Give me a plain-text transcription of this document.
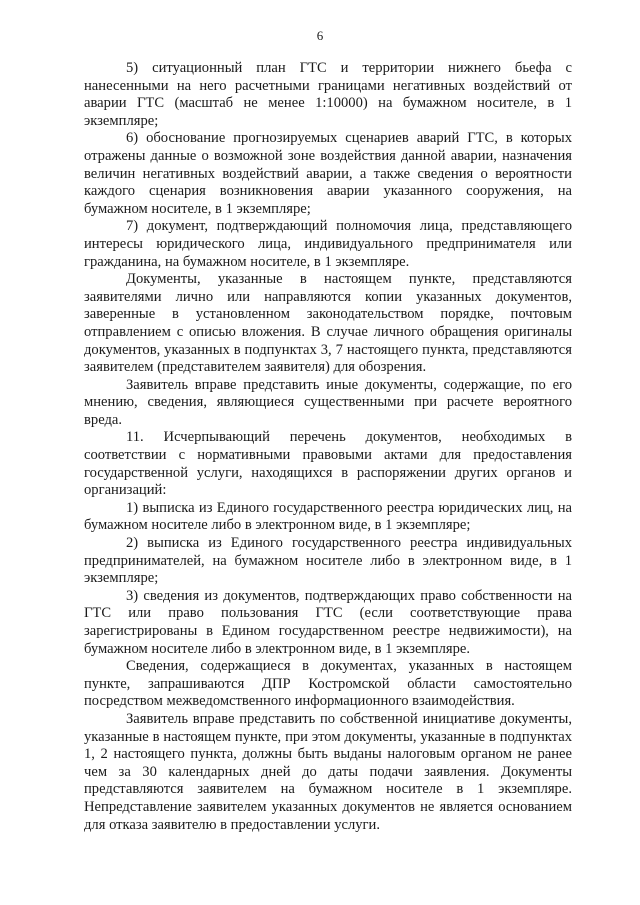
6

5) ситуационный план ГТС и территории нижнего бьефа с нанесенными на него расчетными границами негативных воздействий от аварии ГТС (масштаб не менее 1:10000) на бумажном носителе, в 1 экземпляре;

6) обоснование прогнозируемых сценариев аварий ГТС, в которых отражены данные о возможной зоне воздействия данной аварии, назначения величин негативных воздействий аварии, а также сведения о вероятности каждого сценария возникновения аварии указанного сооружения, на бумажном носителе, в 1 экземпляре;

7) документ, подтверждающий полномочия лица, представляющего интересы юридического лица, индивидуального предпринимателя или гражданина, на бумажном носителе, в 1 экземпляре.

Документы, указанные в настоящем пункте, представляются заявителями лично или направляются копии указанных документов, заверенные в установленном законодательством порядке, почтовым отправлением с описью вложения. В случае личного обращения оригиналы документов, указанных в подпунктах 3, 7 настоящего пункта, представляются заявителем (представителем заявителя) для обозрения.

Заявитель вправе представить иные документы, содержащие, по его мнению, сведения, являющиеся существенными при расчете вероятного вреда.

11. Исчерпывающий перечень документов, необходимых в соответствии с нормативными правовыми актами для предоставления государственной услуги, находящихся в распоряжении других органов и организаций:

1) выписка из Единого государственного реестра юридических лиц, на бумажном носителе либо в электронном виде, в 1 экземпляре;

2) выписка из Единого государственного реестра индивидуальных предпринимателей, на бумажном носителе либо в электронном виде, в 1 экземпляре;

3) сведения из документов, подтверждающих право собственности на ГТС или право пользования ГТС (если соответствующие права зарегистрированы в Едином государственном реестре недвижимости), на бумажном носителе либо в электронном виде, в 1 экземпляре.

Сведения, содержащиеся в документах, указанных в настоящем пункте, запрашиваются ДПР Костромской области самостоятельно посредством межведомственного информационного взаимодействия.

Заявитель вправе представить по собственной инициативе документы, указанные в настоящем пункте, при этом документы, указанные в подпунктах 1, 2 настоящего пункта, должны быть выданы налоговым органом не ранее чем за 30 календарных дней до даты подачи заявления. Документы представляются заявителем на бумажном носителе в 1 экземпляре. Непредставление заявителем указанных документов не является основанием для отказа заявителю в предоставлении услуги.
